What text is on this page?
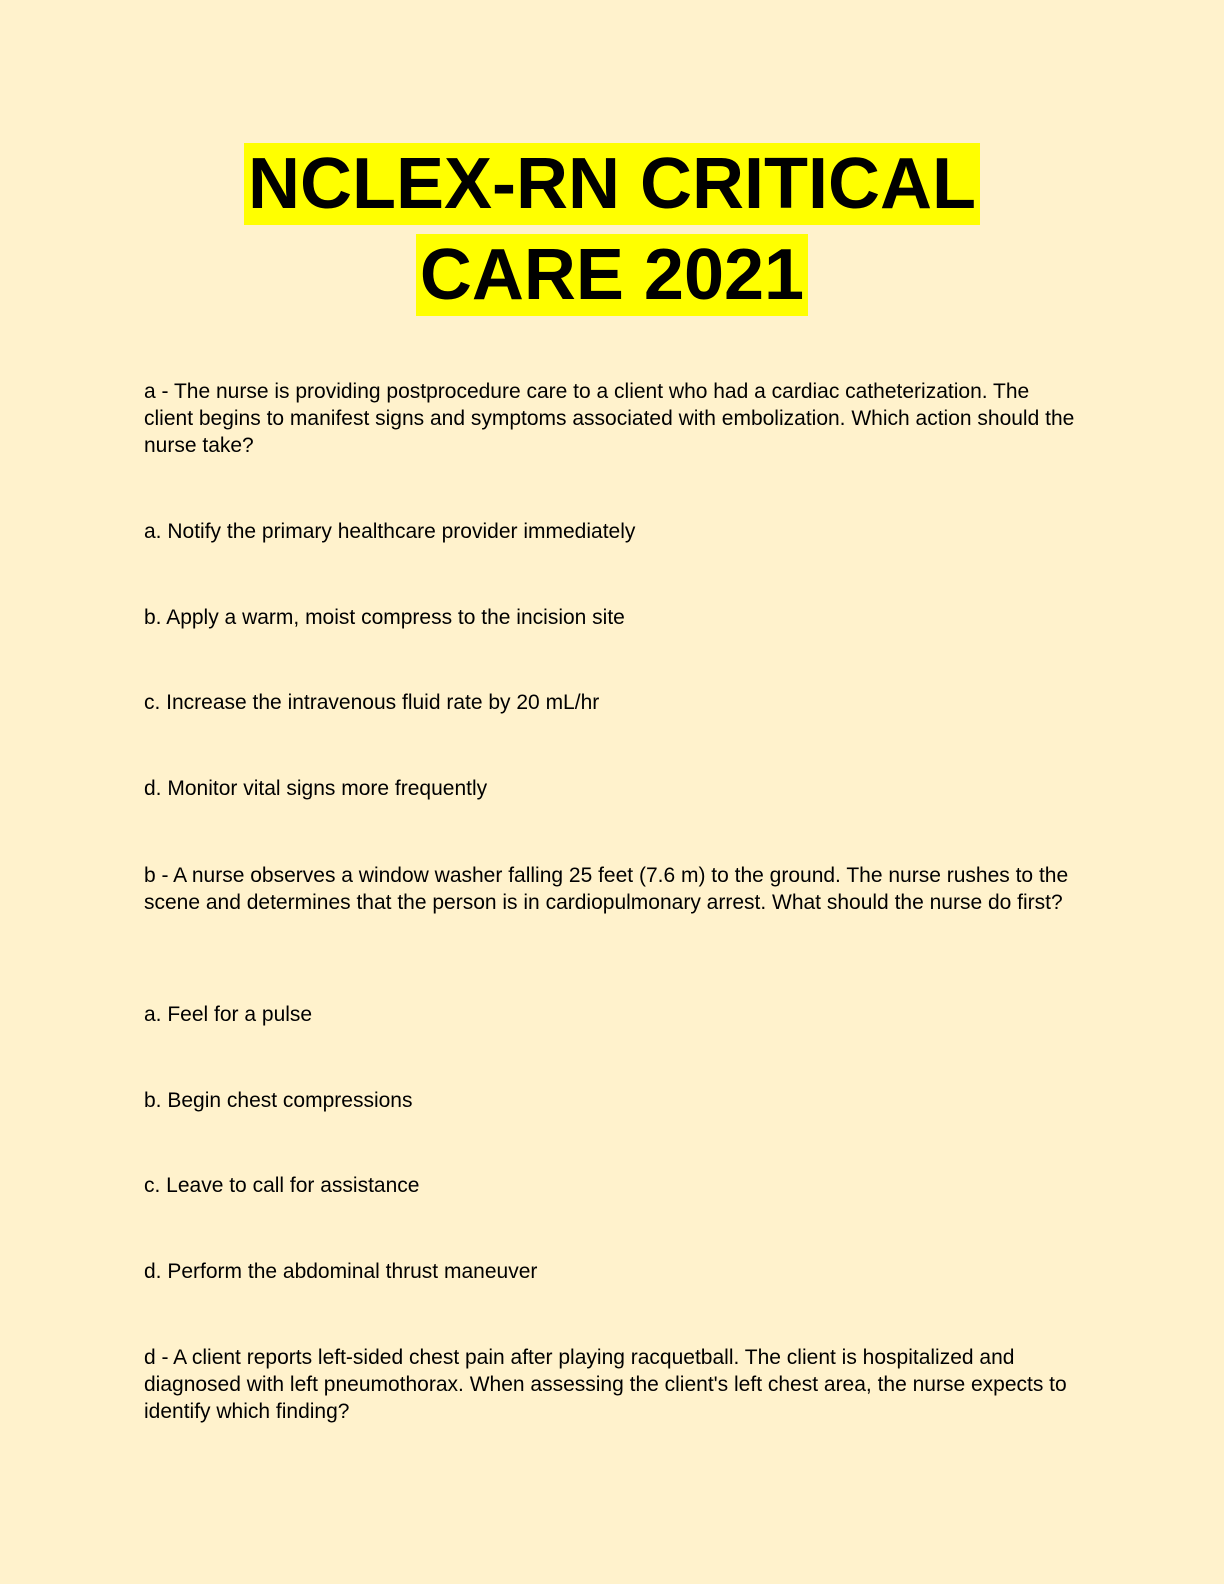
NCLEX-RN CRITICAL
CARE 2021

a - The nurse is providing postprocedure care to a client who had a cardiac catheterization. The client begins to manifest signs and symptoms associated with embolization. Which action should the nurse take?

a. Notify the primary healthcare provider immediately

b. Apply a warm, moist compress to the incision site

c. Increase the intravenous fluid rate by 20 mL/hr

d. Monitor vital signs more frequently

b - A nurse observes a window washer falling 25 feet (7.6 m) to the ground. The nurse rushes to the scene and determines that the person is in cardiopulmonary arrest. What should the nurse do first?

a. Feel for a pulse

b. Begin chest compressions

c. Leave to call for assistance

d. Perform the abdominal thrust maneuver

d - A client reports left-sided chest pain after playing racquetball. The client is hospitalized and diagnosed with left pneumothorax. When assessing the client's left chest area, the nurse expects to identify which finding?
